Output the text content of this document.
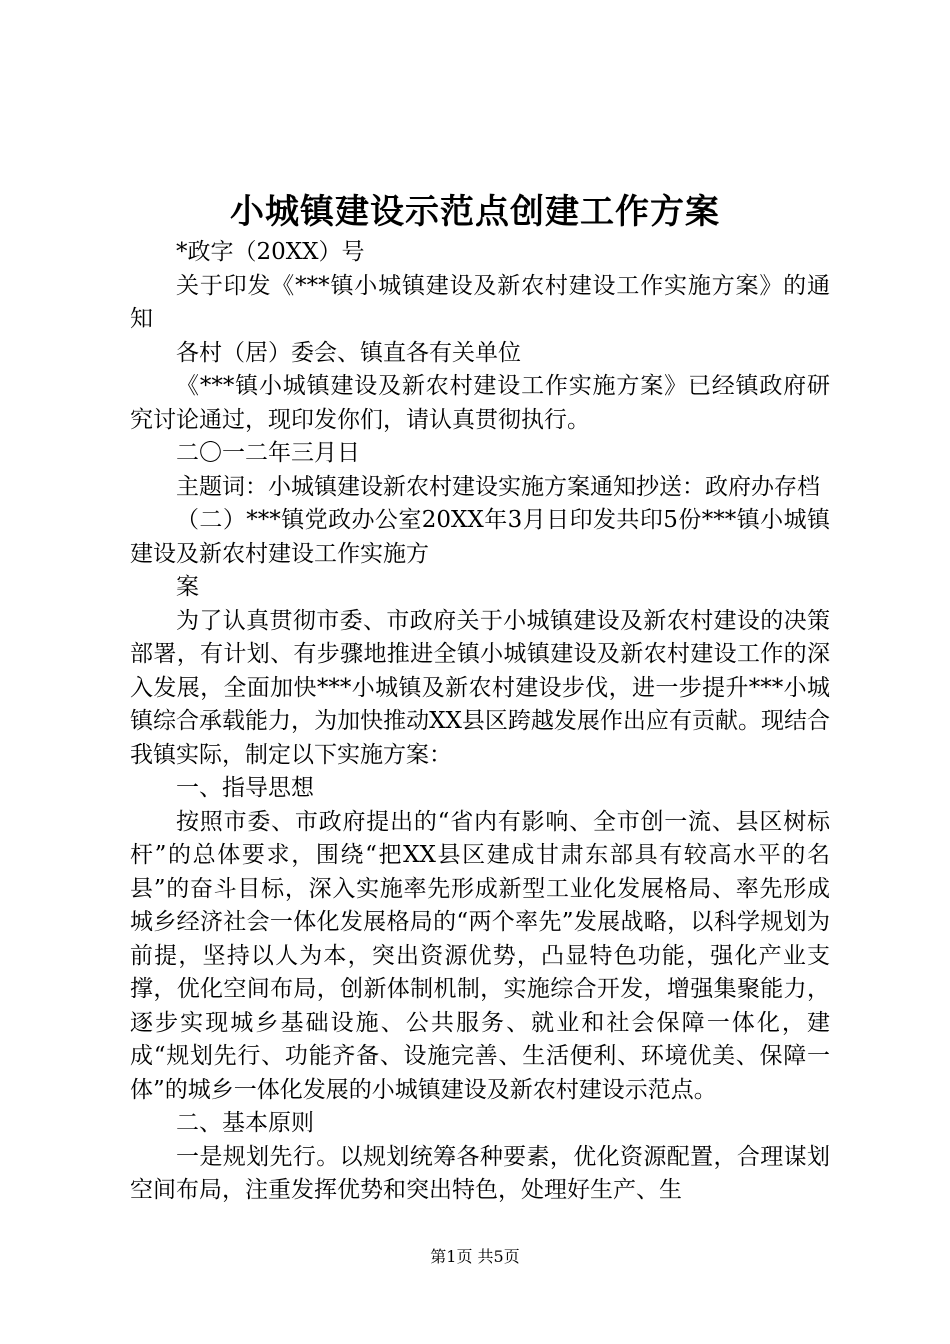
小城镇建设示范点创建工作方案

*政字（20XX）号

关于印发《***镇小城镇建设及新农村建设工作实施方案》的通知

各村（居）委会、镇直各有关单位

《***镇小城镇建设及新农村建设工作实施方案》已经镇政府研究讨论通过，现印发你们，请认真贯彻执行。

二〇一二年三月日

主题词：小城镇建设新农村建设实施方案通知抄送：政府办存档

（二）***镇党政办公室20XX年3月日印发共印5份***镇小城镇建设及新农村建设工作实施方

案

为了认真贯彻市委、市政府关于小城镇建设及新农村建设的决策部署，有计划、有步骤地推进全镇小城镇建设及新农村建设工作的深入发展，全面加快***小城镇及新农村建设步伐，进一步提升***小城镇综合承载能力，为加快推动XX县区跨越发展作出应有贡献。现结合我镇实际，制定以下实施方案：

一、指导思想

按照市委、市政府提出的“省内有影响、全市创一流、县区树标杆”的总体要求，围绕“把XX县区建成甘肃东部具有较高水平的名县”的奋斗目标，深入实施率先形成新型工业化发展格局、率先形成城乡经济社会一体化发展格局的“两个率先”发展战略，以科学规划为前提，坚持以人为本，突出资源优势，凸显特色功能，强化产业支撑，优化空间布局，创新体制机制，实施综合开发，增强集聚能力，逐步实现城乡基础设施、公共服务、就业和社会保障一体化，建成“规划先行、功能齐备、设施完善、生活便利、环境优美、保障一体”的城乡一体化发展的小城镇建设及新农村建设示范点。

二、基本原则

一是规划先行。以规划统筹各种要素，优化资源配置，合理谋划空间布局，注重发挥优势和突出特色，处理好生产、生

第1页 共5页
